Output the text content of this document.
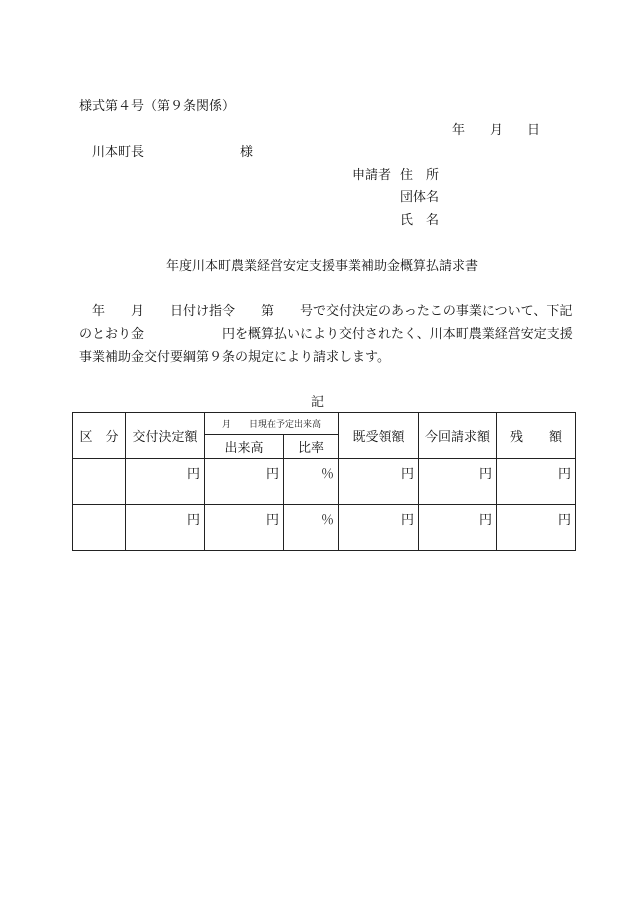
様式第４号（第９条関係）
年 月 日
川本町長	様
申請者 住　所
団体名
氏　名
年度川本町農業経営安定支援事業補助金概算払請求書
年　　月　　日付け指令　　第　　号で交付決定のあったこの事業について、下記
のとおり金　　　　　　円を概算払いにより交付されたく、川本町農業経営安定支援
事業補助金交付要綱第９条の規定により請求します。
記
区　分	交付決定額	月　　日現在予定出来高		既受領額	今回請求額	残　　額
		出来高	比率			
	円	円	％	円	円	円
	円	円	％	円	円	円
